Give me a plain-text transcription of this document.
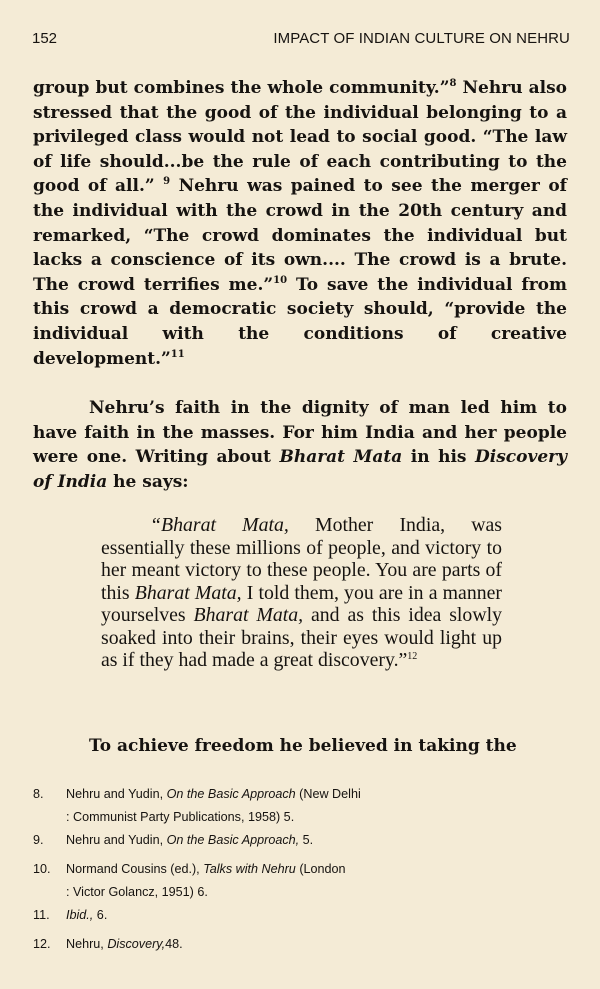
152	IMPACT OF INDIAN CULTURE ON NEHRU

group but combines the whole community.”$^8$ Nehru also stressed that the good of the individual belonging to a privileged class would not lead to social good. “The law of life should...be the rule of each contributing to the good of all.” $^9$ Nehru was pained to see the merger of the individual with the crowd in the 20th century and remarked, “The crowd dominates the individual but lacks a conscience of its own.... The crowd is a brute. The crowd terrifies me.”$^{10}$ To save the individual from this crowd a democratic society should, “provide the individual with the conditions of creative development.”$^{11}$

Nehru’s faith in the dignity of man led him to have faith in the masses. For him India and her people were one. Writing about Bharat Mata in his Discovery of India he says:

“Bharat Mata, Mother India, was essentially these millions of people, and victory to her meant victory to these people. You are parts of this Bharat Mata, I told them, you are in a manner yourselves Bharat Mata, and as this idea slowly soaked into their brains, their eyes would light up as if they had made a great discovery.”$^{12}$

To achieve freedom he believed in taking the

8. Nehru and Yudin, On the Basic Approach (New Delhi
: Communist Party Publications, 1958) 5.
9. Nehru and Yudin, On the Basic Approach, 5.
10. Normand Cousins (ed.), Talks with Nehru (London
: Victor Golancz, 1951) 6.
11. Ibid., 6.
12. Nehru, Discovery,48.
